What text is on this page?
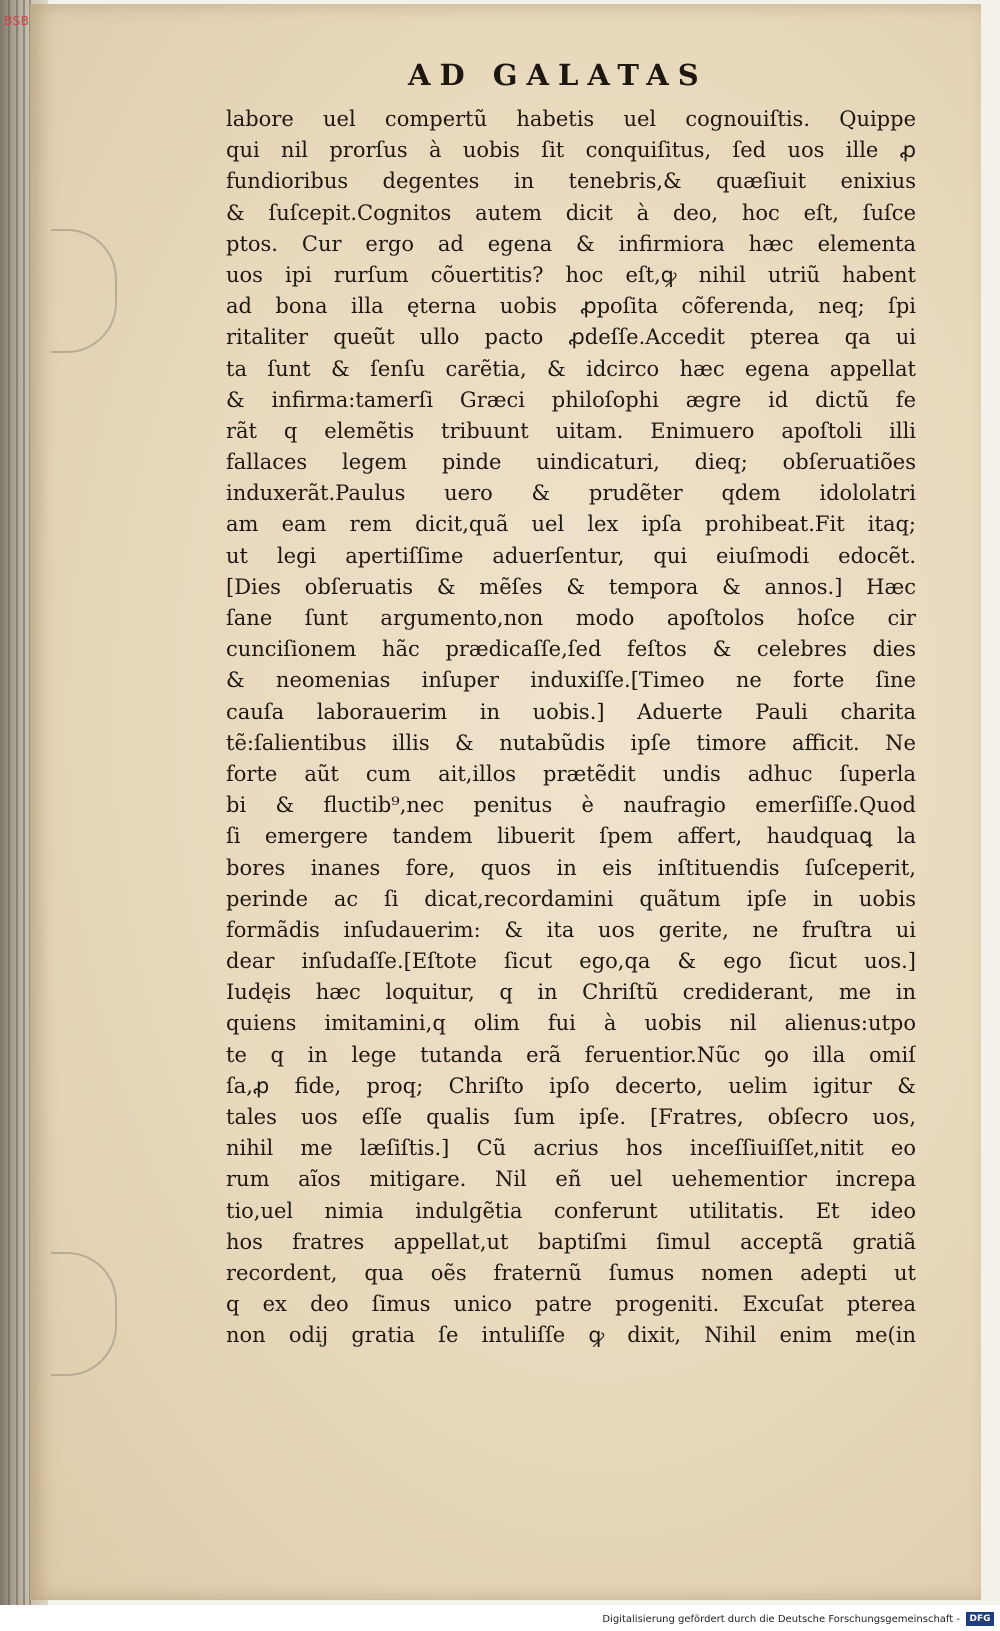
BSB
AD GALATAS
labore uel compertũ habetis uel cognouiſtis. Quippe
qui nil prorſus à uobis ſit conquiſitus, ſed uos ille ꝓ
fundioribus degentes in tenebris,& quæſiuit enixius
& ſuſcepit.Cognitos autem dicit à deo, hoc eſt, ſuſce
ptos. Cur ergo ad egena & infirmiora hæc elementa
uos ipi rurſum cõuertitis? hoc eſt,ꝙ nihil utriũ habent
ad bona illa ęterna uobis ꝓpoſita cõferenda, neq; ſpi
ritaliter queũt ullo pacto ꝓdeſſe.Accedit pterea qa ui
ta ſunt & ſenſu carẽtia, & idcirco hæc egena appellat
& infirma:tamerſi Græci philoſophi ægre id dictũ fe
rãt q elemẽtis tribuunt uitam. Enimuero apoſtoli illi
fallaces legem pinde uindicaturi, dieq; obſeruatiões
induxerãt.Paulus uero & prudẽter qdem idololatri
am eam rem dicit,quã uel lex ipſa prohibeat.Fit itaq;
ut legi apertiſſime aduerſentur, qui eiuſmodi edocẽt.
[Dies obſeruatis & mẽſes & tempora & annos.] Hæc
ſane ſunt argumento,non modo apoſtolos hoſce cir
cunciſionem hãc prædicaſſe,ſed feſtos & celebres dies
& neomenias inſuper induxiſſe.[Timeo ne forte ſine
cauſa laborauerim in uobis.] Aduerte Pauli charita
tẽ:ſalientibus illis & nutabũdis ipſe timore afficit. Ne
forte aũt cum ait,illos prætẽdit undis adhuc ſuperla
bi & fluctib⁹,nec penitus è naufragio emerſiſſe.Quod
ſi emergere tandem libuerit ſpem affert, haudquaꝗ la
bores inanes fore, quos in eis inſtituendis ſuſceperit,
perinde ac ſi dicat,recordamini quãtum ipſe in uobis
formãdis inſudauerim: & ita uos gerite, ne fruſtra ui
dear inſudaſſe.[Eſtote ſicut ego,qa & ego ſicut uos.]
Iudęis hæc loquitur, q in Chriſtũ crediderant, me in
quiens imitamini,q olim fui à uobis nil alienus:utpo
te q in lege tutanda erã feruentior.Nũc ꝯo illa omiſ
ſa,ꝓ fide, proq; Chriſto ipſo decerto, uelim igitur &
tales uos eſſe qualis ſum ipſe. [Fratres, obſecro uos,
nihil me læſiſtis.] Cũ acrius hos inceſſiuiſſet,nitit eo
rum aĩos mitigare. Nil eñ uel uehementior increpa
tio,uel nimia indulgẽtia conferunt utilitatis. Et ideo
hos fratres appellat,ut baptiſmi ſimul acceptã gratiã
recordent, qua oẽs fraternũ ſumus nomen adepti ut
q ex deo ſimus unico patre progeniti. Excuſat pterea
non odij gratia ſe intuliſſe ꝙ dixit, Nihil enim me(in
Digitalisierung gefördert durch die Deutsche Forschungsgemeinschaft -	DFG
